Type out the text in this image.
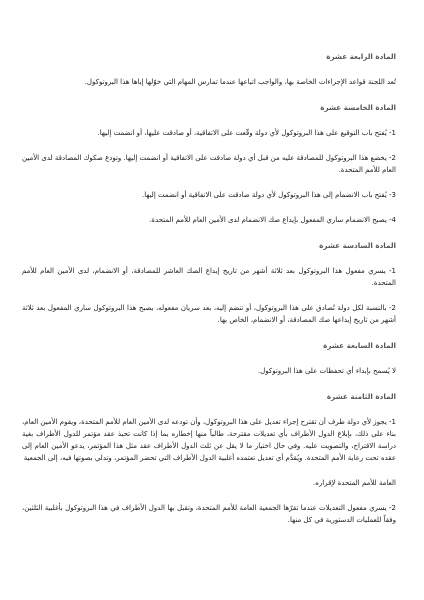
المادة الرابعة عشرة

تُعد اللجنة قواعد الإجراءات الخاصة بها، والواجب اتباعها عندما تمارس المهام التي خوّلها إياها هذا البروتوكول.

المادة الخامسة عشرة

1- يُفتح باب التوقيع على هذا البروتوكول لأي دولة وقّعت على الاتفاقية، أو صادقت عليها، أو انضمت إليها.

2- يخضع هذا البروتوكول للمصادقة عليه من قبل أي دولة صادقت على الاتفاقية أو انضمت إليها. وتودع صكوك المصادقة لدى الأمين العام للأمم المتحدة.

3- يُفتح باب الانضمام إلى هذا البروتوكول لأي دولة صادقت على الاتفاقية أو انضمت إليها.

4- يصبح الانضمام ساري المفعول بإيداع صك الانضمام لدى الأمين العام للأمم المتحدة.

المادة السادسة عشرة

1- يسري مفعول هذا البروتوكول بعد ثلاثة أشهر من تاريخ إيداع الصك العاشر للمصادقة، أو الانضمام، لدى الأمين العام للأمم المتحدة.

2- بالنسبة لكل دولة تُصادق على هذا البروتوكول، أو تنضم إليه، بعد سريان مفعوله، يصبح هذا البروتوكول ساري المفعول بعد ثلاثة أشهر من تاريخ إيداعها صك المصادقة، أو الانضمام، الخاص بها.

المادة السابعة عشرة

لا يُسمح بإبداء أي تحفظات على هذا البروتوكول.

المادة الثامنة عشرة

1- يجوز لأي دولة طرف أن تقترح إجراء تعديل على هذا البروتوكول، وأن تودعه لدى الأمين العام للأمم المتحدة، ويقوم الأمين العام، بناء على ذلك، بإبلاغ الدول الأطراف بأي تعديلات مقترحة، طالباً منها إخطاره بما إذا كانت تحبذ عقد مؤتمر للدول الأطراف بغية دراسة الاقتراح، والتصويت عليه. وفي حال اختيار ما لا يقل عن ثلث الدول الأطراف عقد مثل هذا المؤتمر، يدعو الأمين العام إلى عقده تحت رعاية الأمم المتحدة. ويُقدَّم أي تعديل تعتمده أغلبية الدول الأطراف التي تحضر المؤتمر، وتدلي بصوتها فيه، إلى الجمعية

العامة للأمم المتحدة لإقراره.

2- يسري مفعول التعديلات عندما تقرّها الجمعية العامة للأمم المتحدة، وتقبل بها الدول الأطراف في هذا البروتوكول بأغلبية الثلثين، وفقاً للعمليات الدستورية في كل منها.
